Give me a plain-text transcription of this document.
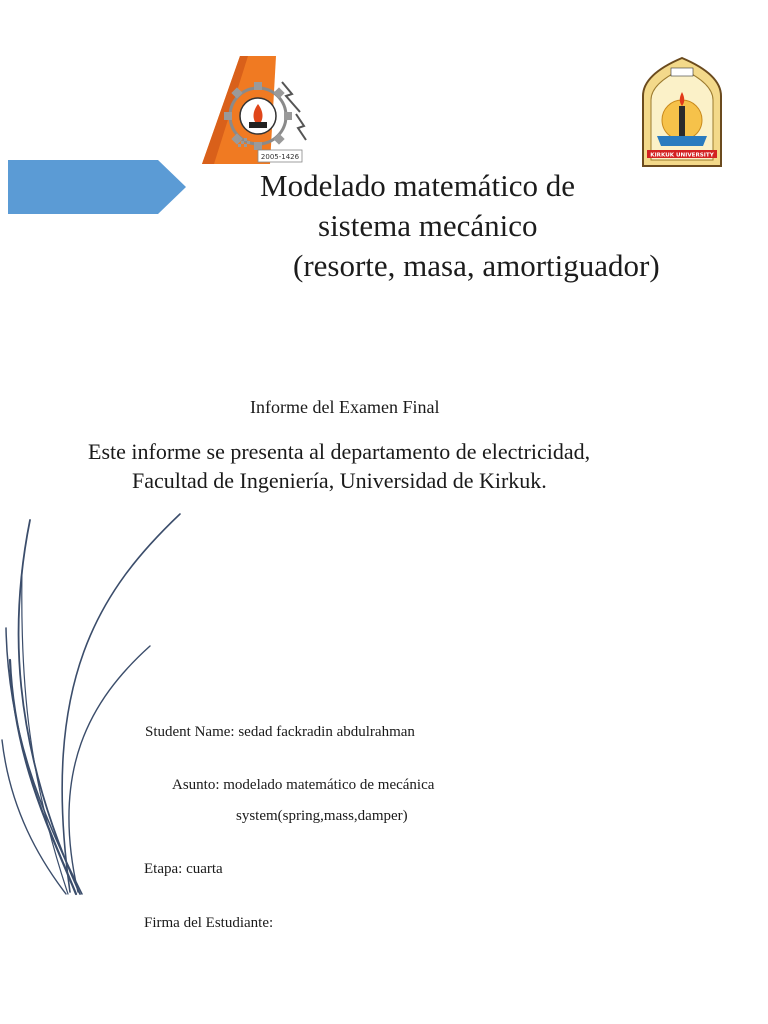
2005-1426	KIRKUK UNIVERSITY
Modelado matemático de
sistema mecánico
(resorte, masa, amortiguador)
Informe del Examen Final
Este informe se presenta al departamento de electricidad,
Facultad de Ingeniería, Universidad de Kirkuk.
Student Name: sedad fackradin abdulrahman
Asunto: modelado matemático de mecánica
system(spring,mass,damper)
Etapa: cuarta
Firma del Estudiante:
